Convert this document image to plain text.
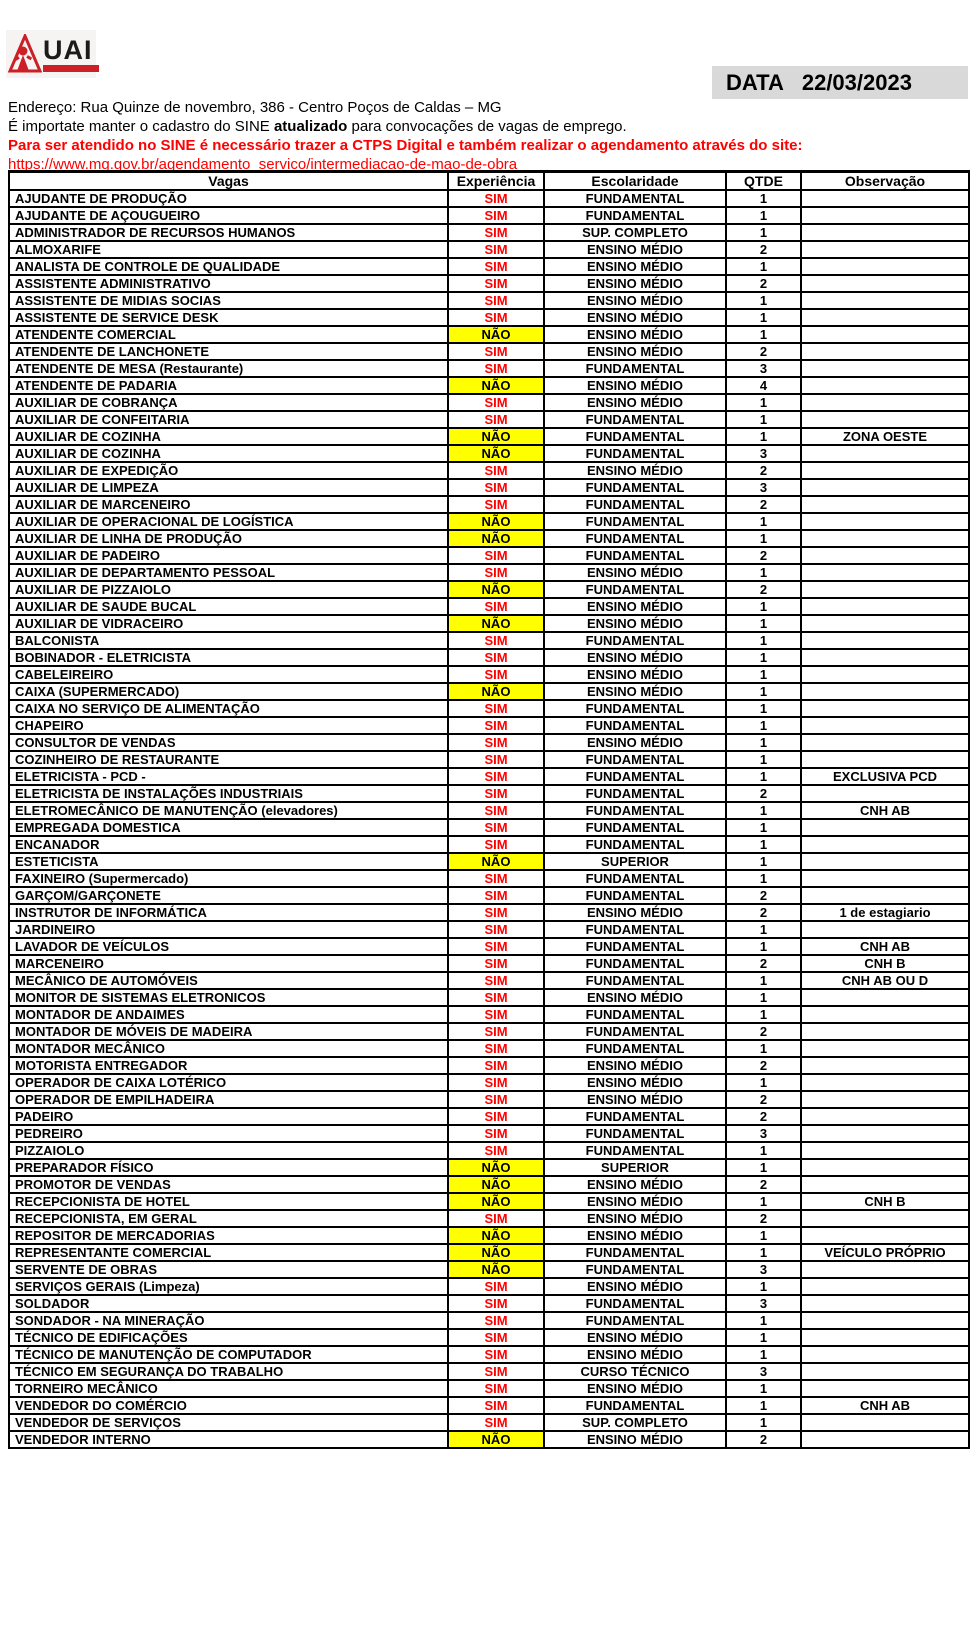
UAI
DATA 22/03/2023

Endereço: Rua Quinze de novembro, 386 - Centro Poços de Caldas – MG

É importate manter o cadastro do SINE atualizado para convocações de vagas de emprego.

Para ser atendido no SINE é necessário trazer a CTPS Digital e também realizar o agendamento através do site:

https://www.mg.gov.br/agendamento_servico/intermediacao-de-mao-de-obra

Vagas	Experiência	Escolaridade	QTDE	Observação
AJUDANTE DE PRODUÇÃO	SIM	FUNDAMENTAL	1	
AJUDANTE DE AÇOUGUEIRO	SIM	FUNDAMENTAL	1	
ADMINISTRADOR DE RECURSOS HUMANOS	SIM	SUP. COMPLETO	1	
ALMOXARIFE	SIM	ENSINO MÉDIO	2	
ANALISTA DE CONTROLE DE QUALIDADE	SIM	ENSINO MÉDIO	1	
ASSISTENTE ADMINISTRATIVO	SIM	ENSINO MÉDIO	2	
ASSISTENTE DE MIDIAS SOCIAS	SIM	ENSINO MÉDIO	1	
ASSISTENTE DE SERVICE DESK	SIM	ENSINO MÉDIO	1	
ATENDENTE COMERCIAL	NÃO	ENSINO MÉDIO	1	
ATENDENTE DE LANCHONETE	SIM	ENSINO MÉDIO	2	
ATENDENTE DE MESA (Restaurante)	SIM	FUNDAMENTAL	3	
ATENDENTE DE PADARIA	NÃO	ENSINO MÉDIO	4	
AUXILIAR DE COBRANÇA	SIM	ENSINO MÉDIO	1	
AUXILIAR DE CONFEITARIA	SIM	FUNDAMENTAL	1	
AUXILIAR DE COZINHA	NÃO	FUNDAMENTAL	1	ZONA OESTE
AUXILIAR DE COZINHA	NÃO	FUNDAMENTAL	3	
AUXILIAR DE EXPEDIÇÃO	SIM	ENSINO MÉDIO	2	
AUXILIAR DE LIMPEZA	SIM	FUNDAMENTAL	3	
AUXILIAR DE MARCENEIRO	SIM	FUNDAMENTAL	2	
AUXILIAR DE OPERACIONAL DE LOGÍSTICA	NÃO	FUNDAMENTAL	1	
AUXILIAR DE LINHA DE PRODUÇÃO	NÃO	FUNDAMENTAL	1	
AUXILIAR DE PADEIRO	SIM	FUNDAMENTAL	2	
AUXILIAR DE DEPARTAMENTO PESSOAL	SIM	ENSINO MÉDIO	1	
AUXILIAR DE PIZZAIOLO	NÃO	FUNDAMENTAL	2	
AUXILIAR DE SAUDE BUCAL	SIM	ENSINO MÉDIO	1	
AUXILIAR DE VIDRACEIRO	NÃO	ENSINO MÉDIO	1	
BALCONISTA	SIM	FUNDAMENTAL	1	
BOBINADOR - ELETRICISTA	SIM	ENSINO MÉDIO	1	
CABELEIREIRO	SIM	ENSINO MÉDIO	1	
CAIXA (SUPERMERCADO)	NÃO	ENSINO MÉDIO	1	
CAIXA NO SERVIÇO DE ALIMENTAÇÃO	SIM	FUNDAMENTAL	1	
CHAPEIRO	SIM	FUNDAMENTAL	1	
CONSULTOR DE VENDAS	SIM	ENSINO MÉDIO	1	
COZINHEIRO DE RESTAURANTE	SIM	FUNDAMENTAL	1	
ELETRICISTA - PCD -	SIM	FUNDAMENTAL	1	EXCLUSIVA PCD
ELETRICISTA DE INSTALAÇÕES INDUSTRIAIS	SIM	FUNDAMENTAL	2	
ELETROMECÂNICO DE MANUTENÇÃO (elevadores)	SIM	FUNDAMENTAL	1	CNH AB
EMPREGADA DOMESTICA	SIM	FUNDAMENTAL	1	
ENCANADOR	SIM	FUNDAMENTAL	1	
ESTETICISTA	NÃO	SUPERIOR	1	
FAXINEIRO (Supermercado)	SIM	FUNDAMENTAL	1	
GARÇOM/GARÇONETE	SIM	FUNDAMENTAL	2	
INSTRUTOR DE INFORMÁTICA	SIM	ENSINO MÉDIO	2	1 de estagiario
JARDINEIRO	SIM	FUNDAMENTAL	1	
LAVADOR DE VEÍCULOS	SIM	FUNDAMENTAL	1	CNH AB
MARCENEIRO	SIM	FUNDAMENTAL	2	CNH B
MECÂNICO DE AUTOMÓVEIS	SIM	FUNDAMENTAL	1	CNH AB OU D
MONITOR DE SISTEMAS ELETRONICOS	SIM	ENSINO MÉDIO	1	
MONTADOR DE ANDAIMES	SIM	FUNDAMENTAL	1	
MONTADOR DE MÓVEIS DE MADEIRA	SIM	FUNDAMENTAL	2	
MONTADOR MECÂNICO	SIM	FUNDAMENTAL	1	
MOTORISTA ENTREGADOR	SIM	ENSINO MÉDIO	2	
OPERADOR DE CAIXA LOTÉRICO	SIM	ENSINO MÉDIO	1	
OPERADOR DE EMPILHADEIRA	SIM	ENSINO MÉDIO	2	
PADEIRO	SIM	FUNDAMENTAL	2	
PEDREIRO	SIM	FUNDAMENTAL	3	
PIZZAIOLO	SIM	FUNDAMENTAL	1	
PREPARADOR FÍSICO	NÃO	SUPERIOR	1	
PROMOTOR DE VENDAS	NÃO	ENSINO MÉDIO	2	
RECEPCIONISTA DE HOTEL	NÃO	ENSINO MÉDIO	1	CNH B
RECEPCIONISTA, EM GERAL	SIM	ENSINO MÉDIO	2	
REPOSITOR DE MERCADORIAS	NÃO	ENSINO MÉDIO	1	
REPRESENTANTE COMERCIAL	NÃO	FUNDAMENTAL	1	VEÍCULO PRÓPRIO
SERVENTE DE OBRAS	NÃO	FUNDAMENTAL	3	
SERVIÇOS GERAIS (Limpeza)	SIM	ENSINO MÉDIO	1	
SOLDADOR	SIM	FUNDAMENTAL	3	
SONDADOR - NA MINERAÇÃO	SIM	FUNDAMENTAL	1	
TÉCNICO DE EDIFICAÇÕES	SIM	ENSINO MÉDIO	1	
TÉCNICO DE MANUTENÇÃO DE COMPUTADOR	SIM	ENSINO MÉDIO	1	
TÉCNICO EM SEGURANÇA DO TRABALHO	SIM	CURSO TÉCNICO	3	
TORNEIRO MECÂNICO	SIM	ENSINO MÉDIO	1	
VENDEDOR DO COMÉRCIO	SIM	FUNDAMENTAL	1	CNH AB
VENDEDOR DE SERVIÇOS	SIM	SUP. COMPLETO	1	
VENDEDOR INTERNO	NÃO	ENSINO MÉDIO	2	
